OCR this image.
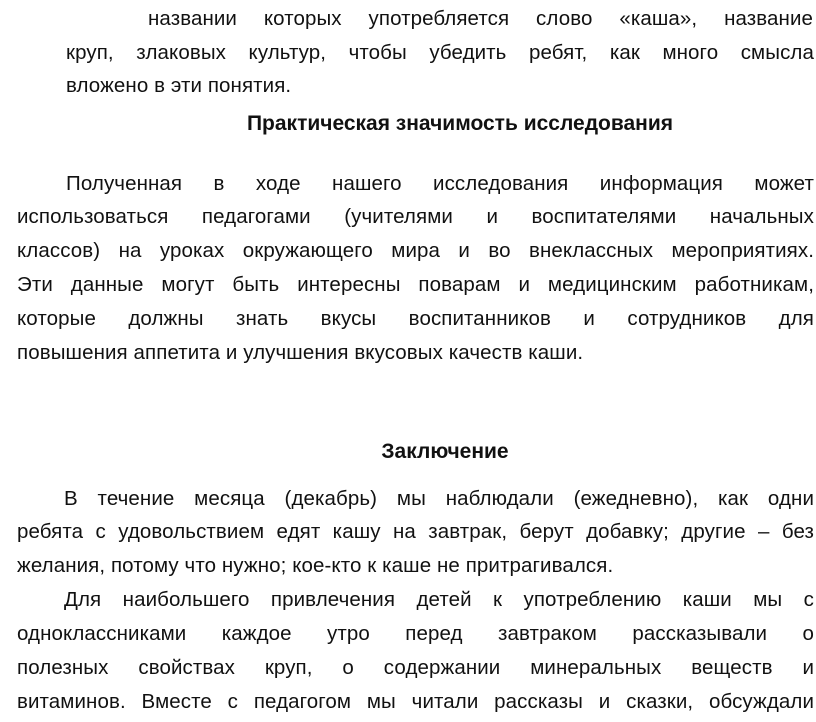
названии которых употребляется слово «каша», название
круп, злаковых культур, чтобы убедить ребят, как много смысла
вложено в эти понятия.
Практическая значимость исследования
Полученная в ходе нашего исследования информация может
использоваться педагогами (учителями и воспитателями начальных
классов) на уроках окружающего мира и во внеклассных мероприятиях.
Эти данные могут быть интересны поварам и медицинским работникам,
которые должны знать вкусы воспитанников и сотрудников для
повышения аппетита и улучшения вкусовых качеств каши.
Заключение
В течение месяца (декабрь) мы наблюдали (ежедневно), как одни
ребята с удовольствием едят кашу на завтрак, берут добавку; другие – без
желания, потому что нужно; кое-кто к каше не притрагивался.
Для наибольшего привлечения детей к употреблению каши мы с
одноклассниками каждое утро перед завтраком рассказывали о
полезных свойствах круп, о содержании минеральных веществ и
витаминов. Вместе с педагогом мы читали рассказы и сказки, обсуждали
